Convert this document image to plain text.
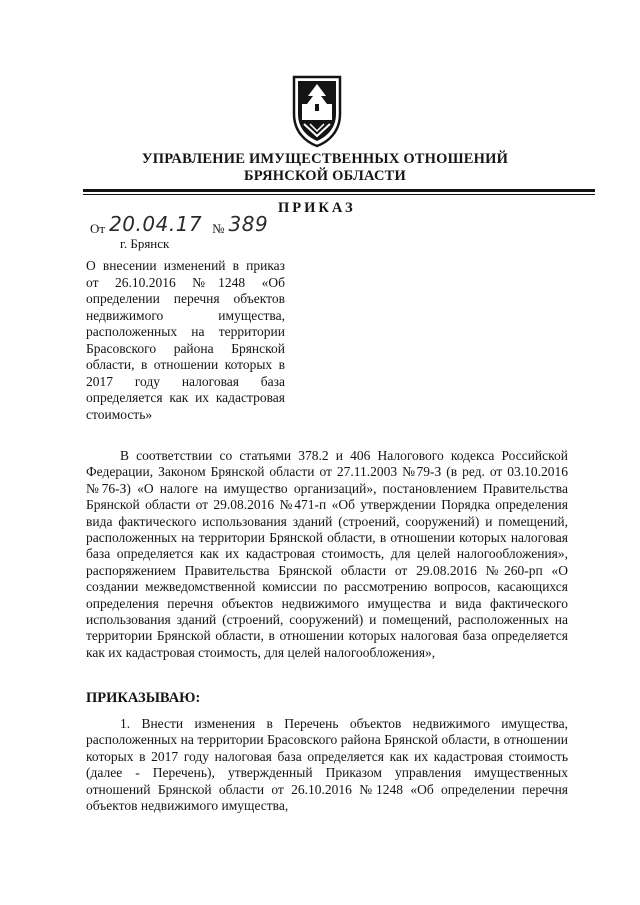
УПРАВЛЕНИЕ ИМУЩЕСТВЕННЫХ ОТНОШЕНИЙ
БРЯНСКОЙ ОБЛАСТИ
ПРИКАЗ
От 20.04.17 № 389
г. Брянск
О внесении изменений в приказ от 26.10.2016 №1248 «Об определении перечня объектов недвижимого имущества, расположенных на территории Брасовского района Брянской области, в отношении которых в 2017 году налоговая база определяется как их кадастровая стоимость»
В соответствии со статьями 378.2 и 406 Налогового кодекса Российской Федерации, Законом Брянской области от 27.11.2003 №79-З (в ред. от 03.10.2016 №76-З) «О налоге на имущество организаций», постановлением Правительства Брянской области от 29.08.2016 №471-п «Об утверждении Порядка определения вида фактического использования зданий (строений, сооружений) и помещений, расположенных на территории Брянской области, в отношении которых налоговая база определяется как их кадастровая стоимость, для целей налогообложения», распоряжением Правительства Брянской области от 29.08.2016 №260-рп «О создании межведомственной комиссии по рассмотрению вопросов, касающихся определения перечня объектов недвижимого имущества и вида фактического использования зданий (строений, сооружений) и помещений, расположенных на территории Брянской области, в отношении которых налоговая база определяется как их кадастровая стоимость, для целей налогообложения»,
ПРИКАЗЫВАЮ:
1. Внести изменения в Перечень объектов недвижимого имущества, расположенных на территории Брасовского района Брянской области, в отношении которых в 2017 году налоговая база определяется как их кадастровая стоимость (далее - Перечень), утвержденный Приказом управления имущественных отношений Брянской области от 26.10.2016 №1248 «Об определении перечня объектов недвижимого имущества,
